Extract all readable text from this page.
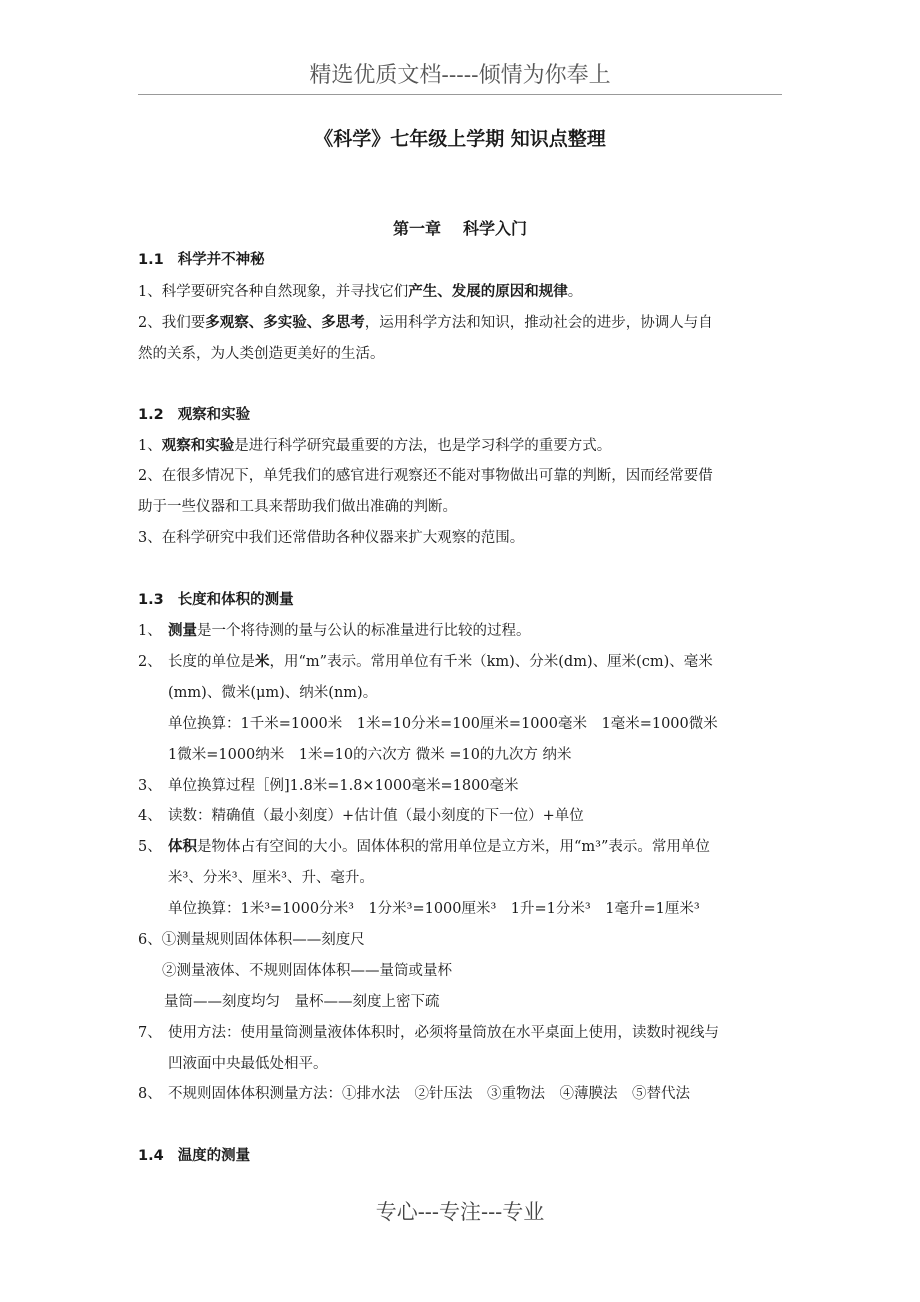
精选优质文档-----倾情为你奉上
《科学》七年级上学期 知识点整理
第一章 科学入门
1.1 科学并不神秘
1、科学要研究各种自然现象，并寻找它们产生、发展的原因和规律。
2、我们要多观察、多实验、多思考，运用科学方法和知识，推动社会的进步，协调人与自
然的关系，为人类创造更美好的生活。
1.2 观察和实验
1、观察和实验是进行科学研究最重要的方法，也是学习科学的重要方式。
2、在很多情况下，单凭我们的感官进行观察还不能对事物做出可靠的判断，因而经常要借
助于一些仪器和工具来帮助我们做出准确的判断。
3、在科学研究中我们还常借助各种仪器来扩大观察的范围。
1.3 长度和体积的测量
1、 测量是一个将待测的量与公认的标准量进行比较的过程。
2、 长度的单位是米，用“m”表示。常用单位有千米（km)、分米(dm)、厘米(cm)、毫米
(mm)、微米(μm)、纳米(nm)。
单位换算：1千米=1000米　1米=10分米=100厘米=1000毫米　1毫米=1000微米
1微米=1000纳米　1米=10的六次方 微米 =10的九次方 纳米
3、 单位换算过程［例]1.8米=1.8×1000毫米=1800毫米
4、 读数：精确值（最小刻度）+估计值（最小刻度的下一位）+单位
5、 体积是物体占有空间的大小。固体体积的常用单位是立方米，用“m³”表示。常用单位
米³、分米³、厘米³、升、毫升。
单位换算：1米³=1000分米³　1分米³=1000厘米³　1升=1分米³　1毫升=1厘米³
6、①测量规则固体体积——刻度尺
②测量液体、不规则固体体积——量筒或量杯
量筒——刻度均匀　量杯——刻度上密下疏
7、 使用方法：使用量筒测量液体体积时，必须将量筒放在水平桌面上使用，读数时视线与
凹液面中央最低处相平。
8、 不规则固体体积测量方法：①排水法　②针压法　③重物法　④薄膜法　⑤替代法
1.4 温度的测量
专心---专注---专业
